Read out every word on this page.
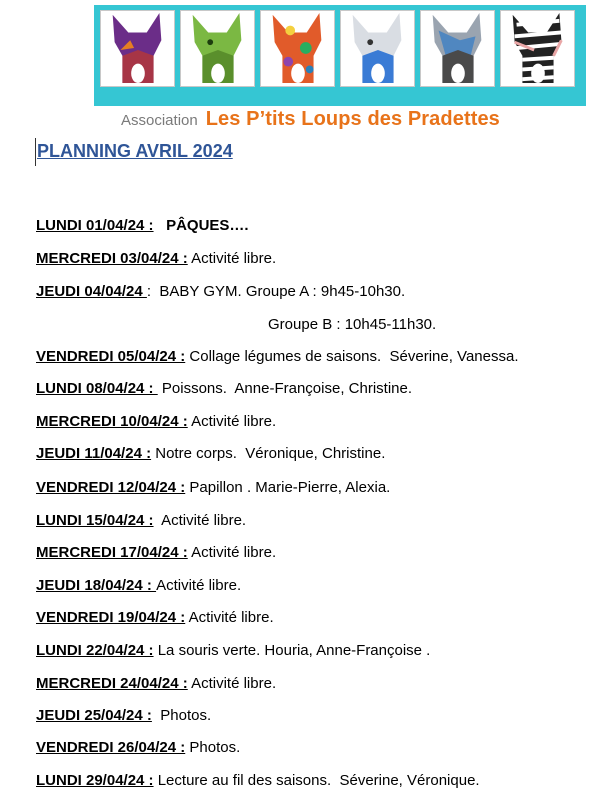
Association Les P’tits Loups des Pradettes
PLANNING AVRIL 2024
LUNDI 01/04/24 : PÂQUES….
MERCREDI 03/04/24 : Activité libre.
JEUDI 04/04/24 :  BABY GYM. Groupe A : 9h45-10h30.
Groupe B : 10h45-11h30.
VENDREDI 05/04/24 : Collage légumes de saisons.  Séverine, Vanessa.
LUNDI 08/04/24 :  Poissons.  Anne-Françoise, Christine.
MERCREDI 10/04/24 : Activité libre.
JEUDI 11/04/24 : Notre corps.  Véronique, Christine.
VENDREDI 12/04/24 : Papillon . Marie-Pierre, Alexia.
LUNDI 15/04/24 : Activité libre.
MERCREDI 17/04/24 : Activité libre.
JEUDI 18/04/24 : Activité libre.
VENDREDI 19/04/24 : Activité libre.
LUNDI 22/04/24 : La souris verte. Houria, Anne-Françoise .
MERCREDI 24/04/24 : Activité libre.
JEUDI 25/04/24 : Photos.
VENDREDI 26/04/24 : Photos.
LUNDI 29/04/24 : Lecture au fil des saisons.  Séverine, Véronique.
